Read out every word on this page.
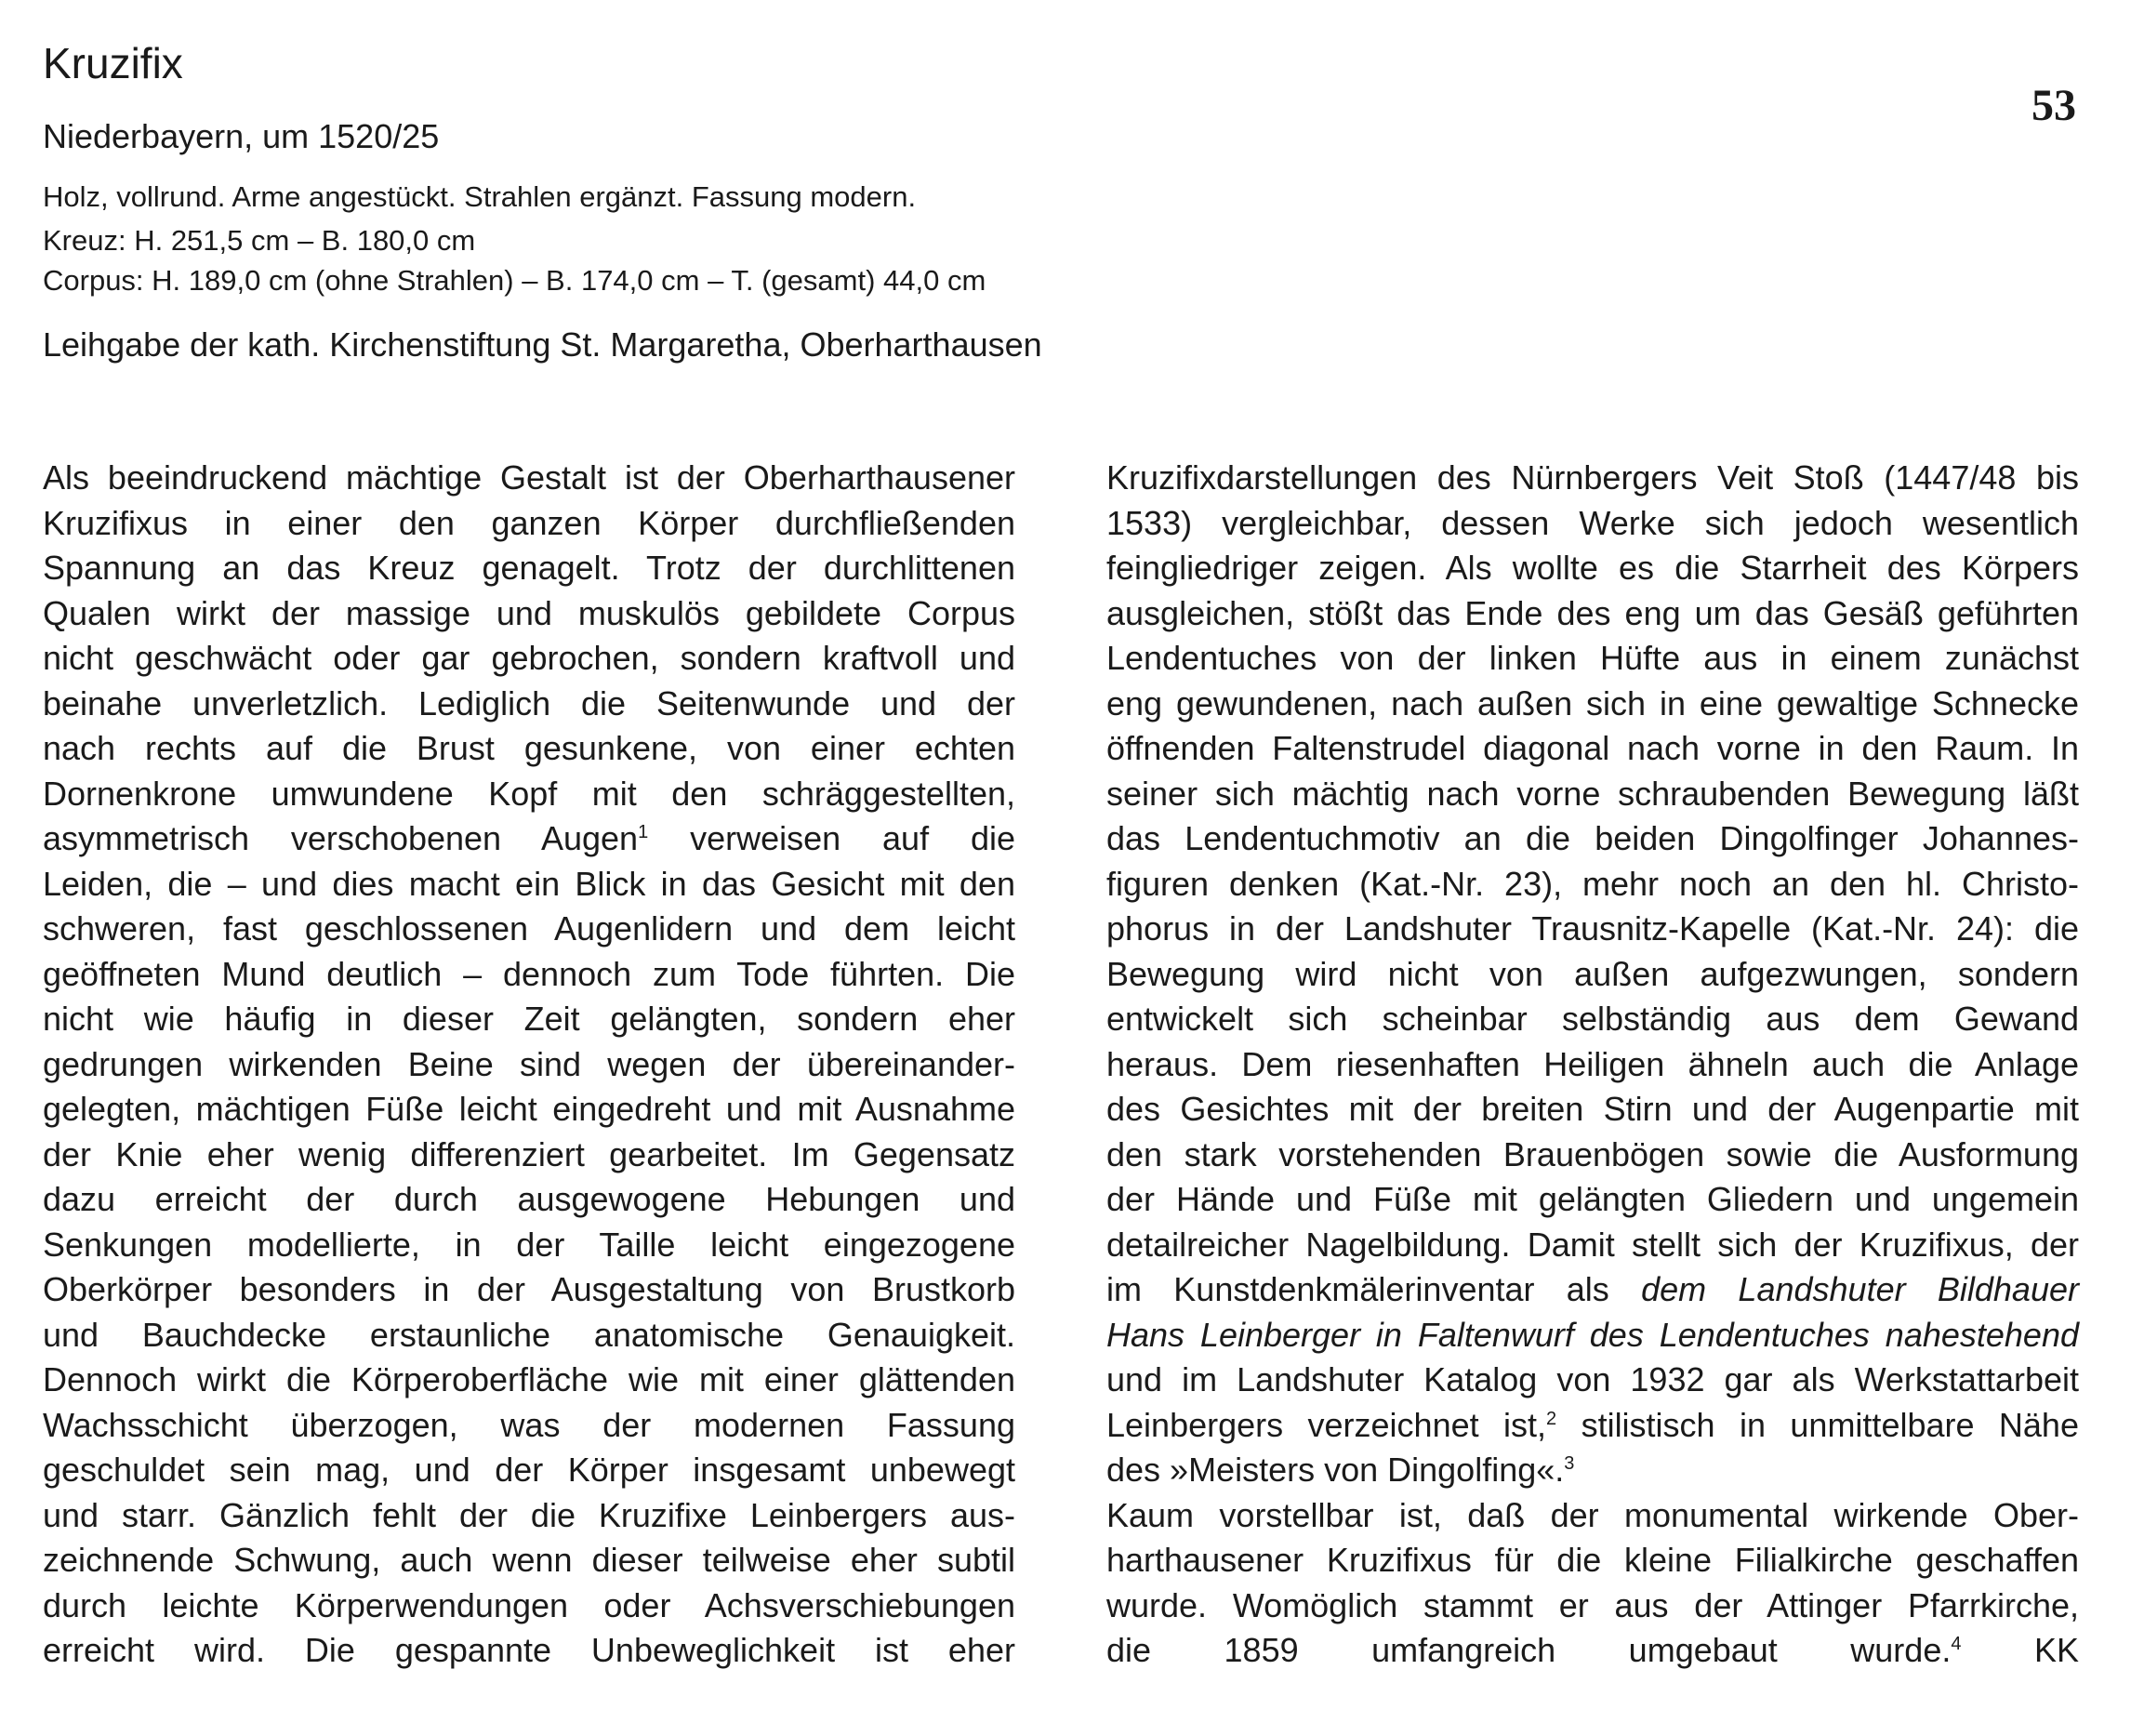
Kruzifix

Niederbayern, um 1520/25

53

Holz, vollrund. Arme angestückt. Strahlen ergänzt. Fassung modern.
Kreuz: H. 251,5 cm – B. 180,0 cm
Corpus: H. 189,0 cm (ohne Strahlen) – B. 174,0 cm – T. (gesamt) 44,0 cm

Leihgabe der kath. Kirchenstiftung St. Margaretha, Oberharthausen

Als beeindruckend mächtige Gestalt ist der Oberharthausener
Kruzifixus in einer den ganzen Körper durchfließenden
Spannung an das Kreuz genagelt. Trotz der durchlittenen
Qualen wirkt der massige und muskulös gebildete Corpus
nicht geschwächt oder gar gebrochen, sondern kraftvoll und
beinahe unverletzlich. Lediglich die Seitenwunde und der
nach rechts auf die Brust gesunkene, von einer echten
Dornenkrone umwundene Kopf mit den schräggestellten,
asymmetrisch verschobenen Augen$^1$ verweisen auf die
Leiden, die – und dies macht ein Blick in das Gesicht mit den
schweren, fast geschlossenen Augenlidern und dem leicht
geöffneten Mund deutlich – dennoch zum Tode führten. Die
nicht wie häufig in dieser Zeit gelängten, sondern eher
gedrungen wirkenden Beine sind wegen der übereinander-
gelegten, mächtigen Füße leicht eingedreht und mit Ausnahme
der Knie eher wenig differenziert gearbeitet. Im Gegensatz
dazu erreicht der durch ausgewogene Hebungen und
Senkungen modellierte, in der Taille leicht eingezogene
Oberkörper besonders in der Ausgestaltung von Brustkorb
und Bauchdecke erstaunliche anatomische Genauigkeit.
Dennoch wirkt die Körperoberfläche wie mit einer glättenden
Wachsschicht überzogen, was der modernen Fassung
geschuldet sein mag, und der Körper insgesamt unbewegt
und starr. Gänzlich fehlt der die Kruzifixe Leinbergers aus-
zeichnende Schwung, auch wenn dieser teilweise eher subtil
durch leichte Körperwendungen oder Achsverschiebungen
erreicht wird. Die gespannte Unbeweglichkeit ist eher
Kruzifixdarstellungen des Nürnbergers Veit Stoß (1447/48 bis
1533) vergleichbar, dessen Werke sich jedoch wesentlich
feingliedriger zeigen. Als wollte es die Starrheit des Körpers
ausgleichen, stößt das Ende des eng um das Gesäß geführten
Lendentuches von der linken Hüfte aus in einem zunächst
eng gewundenen, nach außen sich in eine gewaltige Schnecke
öffnenden Faltenstrudel diagonal nach vorne in den Raum. In
seiner sich mächtig nach vorne schraubenden Bewegung läßt
das Lendentuchmotiv an die beiden Dingolfinger Johannes-
figuren denken (Kat.-Nr. 23), mehr noch an den hl. Christo-
phorus in der Landshuter Trausnitz-Kapelle (Kat.-Nr. 24): die
Bewegung wird nicht von außen aufgezwungen, sondern
entwickelt sich scheinbar selbständig aus dem Gewand
heraus. Dem riesenhaften Heiligen ähneln auch die Anlage
des Gesichtes mit der breiten Stirn und der Augenpartie mit
den stark vorstehenden Brauenbögen sowie die Ausformung
der Hände und Füße mit gelängten Gliedern und ungemein
detailreicher Nagelbildung. Damit stellt sich der Kruzifixus, der
im Kunstdenkmälerinventar als dem Landshuter Bildhauer
Hans Leinberger in Faltenwurf des Lendentuches nahestehend
und im Landshuter Katalog von 1932 gar als Werkstattarbeit
Leinbergers verzeichnet ist,$^2$ stilistisch in unmittelbare Nähe
des »Meisters von Dingolfing«.$^3$
Kaum vorstellbar ist, daß der monumental wirkende Ober-
harthausener Kruzifixus für die kleine Filialkirche geschaffen
wurde. Womöglich stammt er aus der Attinger Pfarrkirche,
die 1859 umfangreich umgebaut wurde.$^4$ KK
